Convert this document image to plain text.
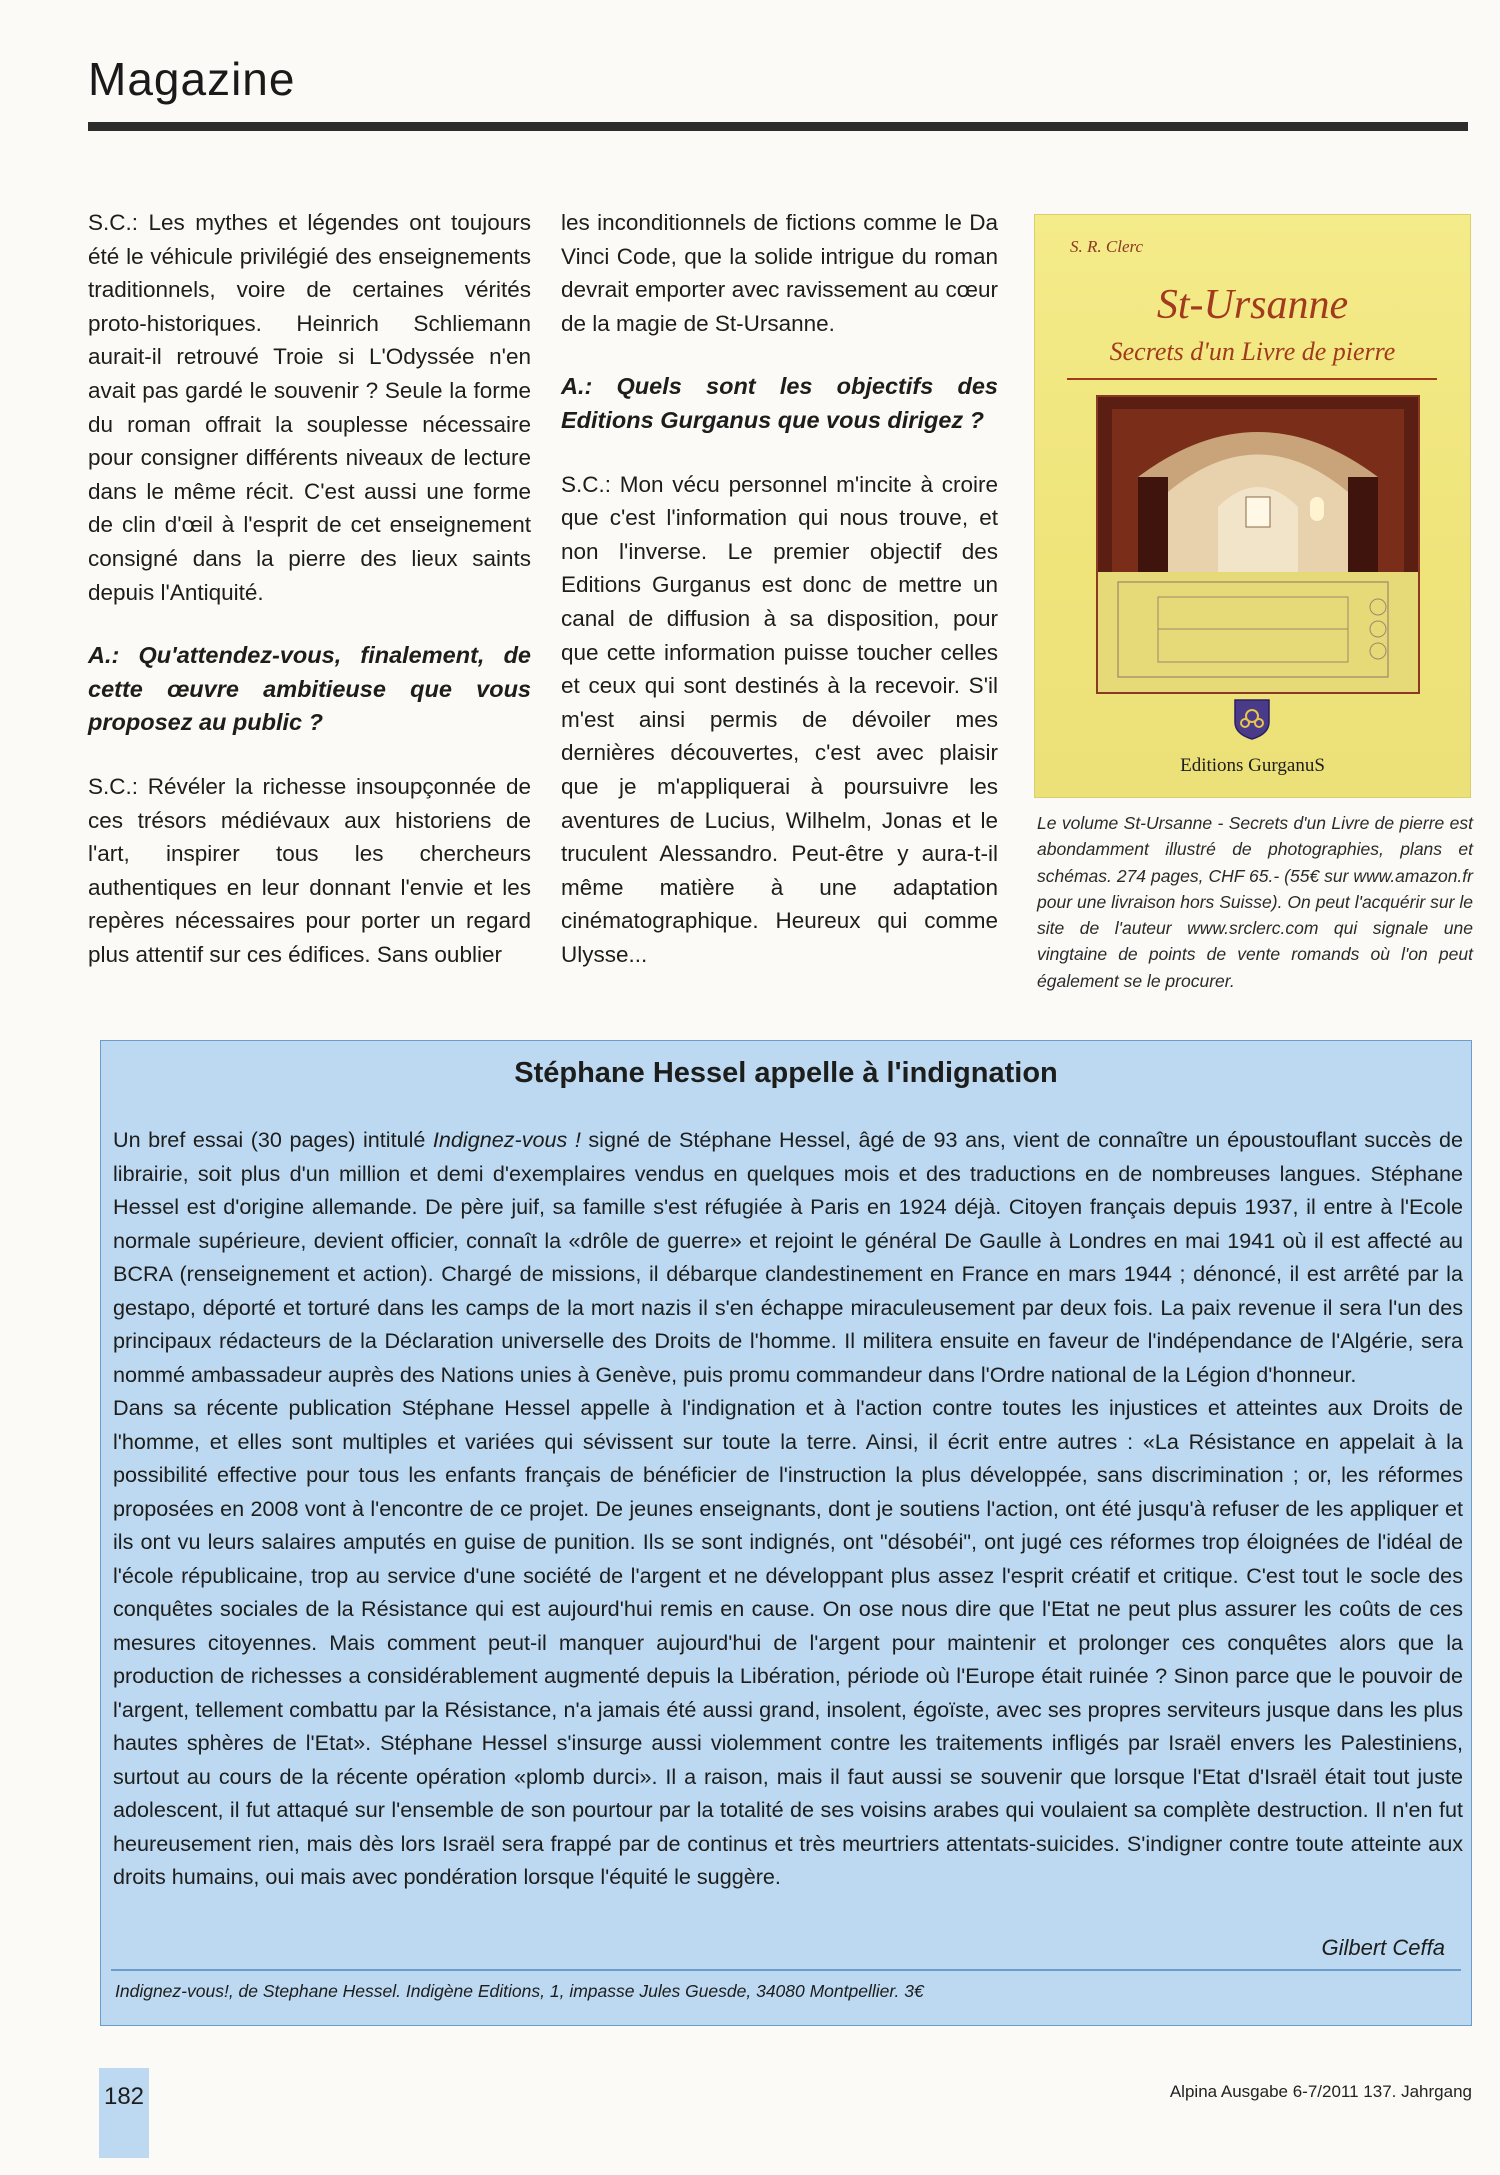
Magazine

S.C.: Les mythes et légendes ont toujours été le véhicule privilégié des enseignements traditionnels, voire de certaines vérités proto-historiques. Heinrich Schliemann aurait-il retrouvé Troie si L'Odyssée n'en avait pas gardé le souvenir ? Seule la forme du roman offrait la souplesse nécessaire pour consigner différents niveaux de lecture dans le même récit. C'est aussi une forme de clin d'œil à l'esprit de cet enseignement consigné dans la pierre des lieux saints depuis l'Antiquité.

A.: Qu'attendez-vous, finalement, de cette œuvre ambitieuse que vous proposez au public ?

S.C.: Révéler la richesse insoupçonnée de ces trésors médiévaux aux historiens de l'art, inspirer tous les chercheurs authentiques en leur donnant l'envie et les repères nécessaires pour porter un regard plus attentif sur ces édifices. Sans oublier

les inconditionnels de fictions comme le Da Vinci Code, que la solide intrigue du roman devrait emporter avec ravissement au cœur de la magie de St-Ursanne.

A.: Quels sont les objectifs des Editions Gurganus que vous dirigez ?

S.C.: Mon vécu personnel m'incite à croire que c'est l'information qui nous trouve, et non l'inverse. Le premier objectif des Editions Gurganus est donc de mettre un canal de diffusion à sa disposition, pour que cette information puisse toucher celles et ceux qui sont destinés à la recevoir. S'il m'est ainsi permis de dévoiler mes dernières découvertes, c'est avec plaisir que je m'appliquerai à poursuivre les aventures de Lucius, Wilhelm, Jonas et le truculent Alessandro. Peut-être y aura-t-il même matière à une adaptation cinématographique. Heureux qui comme Ulysse...

S. R. Clerc
St-Ursanne
Secrets d'un Livre de pierre
Editions GurganuS
Le volume St-Ursanne - Secrets d'un Livre de pierre est abondamment illustré de photographies, plans et schémas. 274 pages, CHF 65.- (55€ sur www.amazon.fr pour une livraison hors Suisse). On peut l'acquérir sur le site de l'auteur www.srclerc.com qui signale une vingtaine de points de vente romands où l'on peut également se le procurer.
Stéphane Hessel appelle à l'indignation

Un bref essai (30 pages) intitulé Indignez-vous ! signé de Stéphane Hessel, âgé de 93 ans, vient de connaître un époustouflant succès de librairie, soit plus d'un million et demi d'exemplaires vendus en quelques mois et des traductions en de nombreuses langues. Stéphane Hessel est d'origine allemande. De père juif, sa famille s'est réfugiée à Paris en 1924 déjà. Citoyen français depuis 1937, il entre à l'Ecole normale supérieure, devient officier, connaît la «drôle de guerre» et rejoint le général De Gaulle à Londres en mai 1941 où il est affecté au BCRA (renseignement et action). Chargé de missions, il débarque clandestinement en France en mars 1944 ; dénoncé, il est arrêté par la gestapo, déporté et torturé dans les camps de la mort nazis il s'en échappe miraculeusement par deux fois. La paix revenue il sera l'un des principaux rédacteurs de la Déclaration universelle des Droits de l'homme. Il militera ensuite en faveur de l'indépendance de l'Algérie, sera nommé ambassadeur auprès des Nations unies à Genève, puis promu commandeur dans l'Ordre national de la Légion d'honneur.

Dans sa récente publication Stéphane Hessel appelle à l'indignation et à l'action contre toutes les injustices et atteintes aux Droits de l'homme, et elles sont multiples et variées qui sévissent sur toute la terre. Ainsi, il écrit entre autres : «La Résistance en appelait à la possibilité effective pour tous les enfants français de bénéficier de l'instruction la plus développée, sans discrimination ; or, les réformes proposées en 2008 vont à l'encontre de ce projet. De jeunes enseignants, dont je soutiens l'action, ont été jusqu'à refuser de les appliquer et ils ont vu leurs salaires amputés en guise de punition. Ils se sont indignés, ont "désobéi", ont jugé ces réformes trop éloignées de l'idéal de l'école républicaine, trop au service d'une société de l'argent et ne développant plus assez l'esprit créatif et critique. C'est tout le socle des conquêtes sociales de la Résistance qui est aujourd'hui remis en cause. On ose nous dire que l'Etat ne peut plus assurer les coûts de ces mesures citoyennes. Mais comment peut-il manquer aujourd'hui de l'argent pour maintenir et prolonger ces conquêtes alors que la production de richesses a considérablement augmenté depuis la Libération, période où l'Europe était ruinée ? Sinon parce que le pouvoir de l'argent, tellement combattu par la Résistance, n'a jamais été aussi grand, insolent, égoïste, avec ses propres serviteurs jusque dans les plus hautes sphères de l'Etat». Stéphane Hessel s'insurge aussi violemment contre les traitements infligés par Israël envers les Palestiniens, surtout au cours de la récente opération «plomb durci». Il a raison, mais il faut aussi se souvenir que lorsque l'Etat d'Israël était tout juste adolescent, il fut attaqué sur l'ensemble de son pourtour par la totalité de ses voisins arabes qui voulaient sa complète destruction. Il n'en fut heureusement rien, mais dès lors Israël sera frappé par de continus et très meurtriers attentats-suicides. S'indigner contre toute atteinte aux droits humains, oui mais avec pondération lorsque l'équité le suggère.

Gilbert Ceffa
Indignez-vous!, de Stephane Hessel. Indigène Editions, 1, impasse Jules Guesde, 34080 Montpellier. 3€
182	Alpina Ausgabe 6-7/2011 137. Jahrgang
